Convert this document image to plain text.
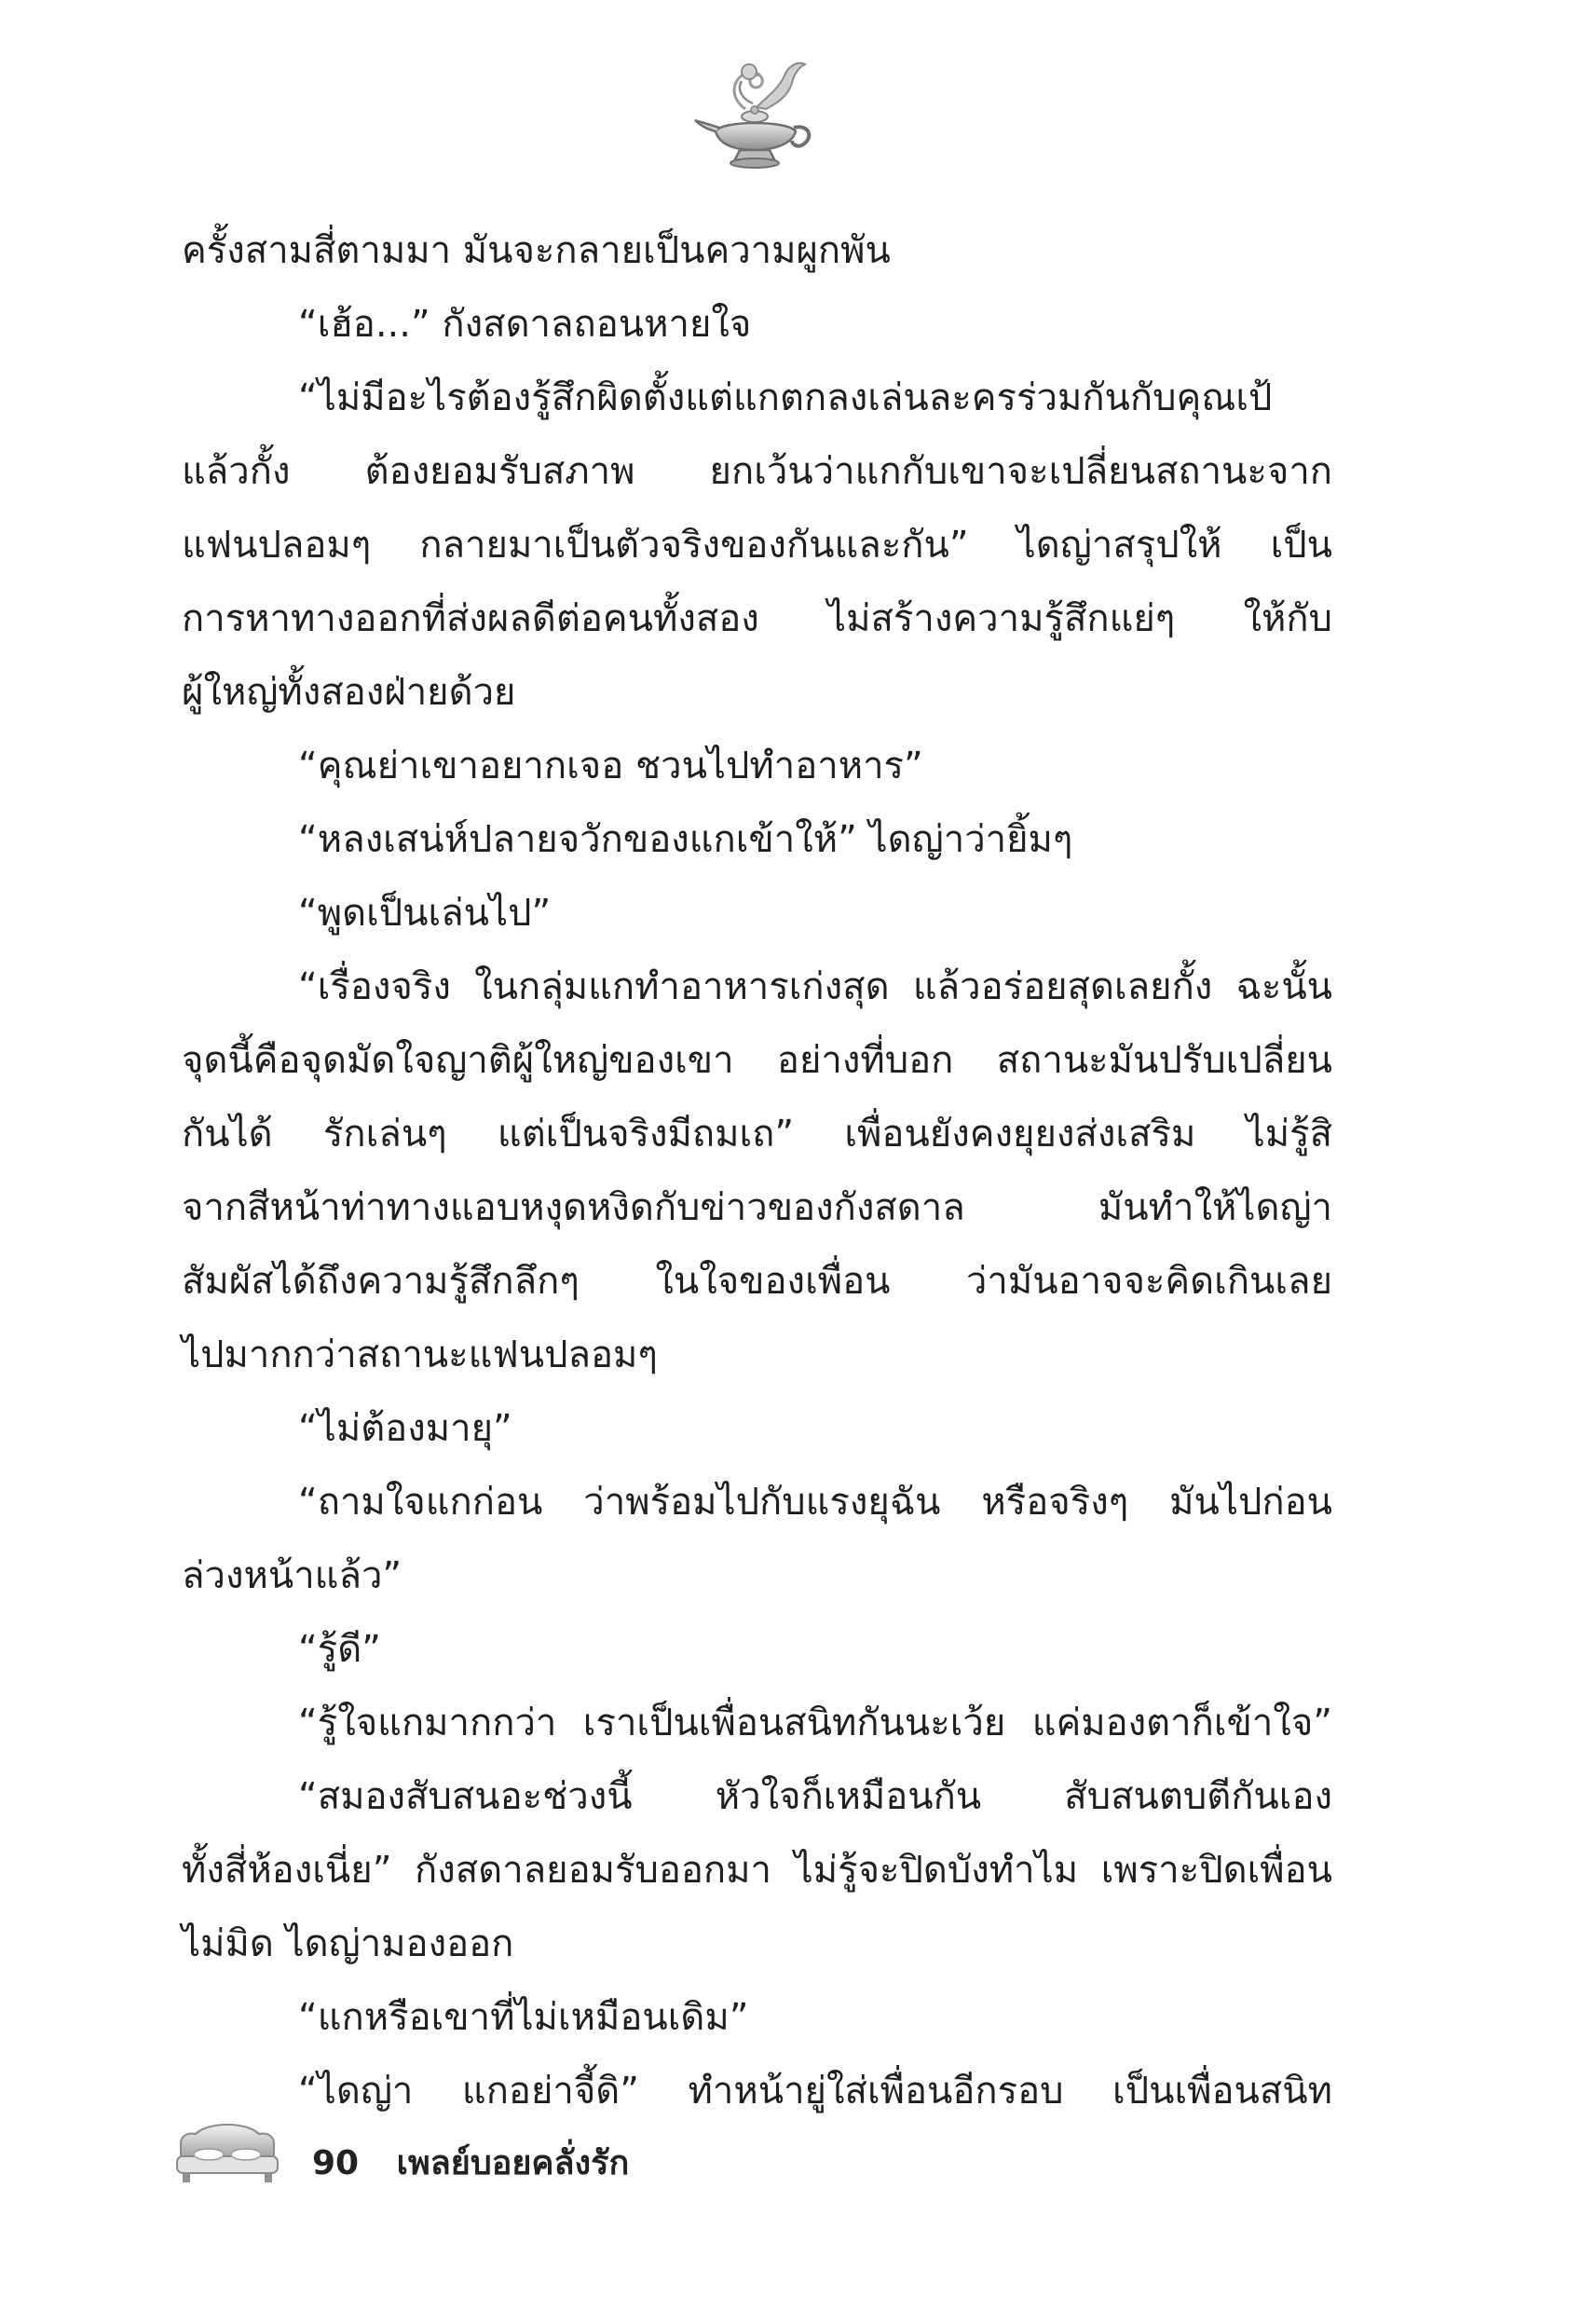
ครั้งสามสี่ตามมา มันจะกลายเป็นความผูกพัน
“เฮ้อ...” กังสดาลถอนหายใจ
“ไม่มีอะไรต้องรู้สึกผิดตั้งแต่แกตกลงเล่นละครร่วมกันกับคุณเป้
แล้วกั้ง ต้องยอมรับสภาพ ยกเว้นว่าแกกับเขาจะเปลี่ยนสถานะจาก
แฟนปลอมๆ กลายมาเป็นตัวจริงของกันและกัน” ไดญ่าสรุปให้ เป็น
การหาทางออกที่ส่งผลดีต่อคนทั้งสอง ไม่สร้างความรู้สึกแย่ๆ ให้กับ
ผู้ใหญ่ทั้งสองฝ่ายด้วย
“คุณย่าเขาอยากเจอ ชวนไปทำอาหาร”
“หลงเสน่ห์ปลายจวักของแกเข้าให้” ไดญ่าว่ายิ้มๆ
“พูดเป็นเล่นไป”
“เรื่องจริง ในกลุ่มแกทำอาหารเก่งสุด แล้วอร่อยสุดเลยกั้ง ฉะนั้น
จุดนี้คือจุดมัดใจญาติผู้ใหญ่ของเขา อย่างที่บอก สถานะมันปรับเปลี่ยน
กันได้ รักเล่นๆ แต่เป็นจริงมีถมเถ” เพื่อนยังคงยุยงส่งเสริม ไม่รู้สิ
จากสีหน้าท่าทางแอบหงุดหงิดกับข่าวของกังสดาล มันทำให้ไดญ่า
สัมผัสได้ถึงความรู้สึกลึกๆ ในใจของเพื่อน ว่ามันอาจจะคิดเกินเลย
ไปมากกว่าสถานะแฟนปลอมๆ
“ไม่ต้องมายุ”
“ถามใจแกก่อน ว่าพร้อมไปกับแรงยุฉัน หรือจริงๆ มันไปก่อน
ล่วงหน้าแล้ว”
“รู้ดี”
“รู้ใจแกมากกว่า เราเป็นเพื่อนสนิทกันนะเว้ย แค่มองตาก็เข้าใจ”
“สมองสับสนอะช่วงนี้ หัวใจก็เหมือนกัน สับสนตบตีกันเอง
ทั้งสี่ห้องเนี่ย” กังสดาลยอมรับออกมา ไม่รู้จะปิดบังทำไม เพราะปิดเพื่อน
ไม่มิด ไดญ่ามองออก
“แกหรือเขาที่ไม่เหมือนเดิม”
“ไดญ่า แกอย่าจี้ดิ” ทำหน้ายู่ใส่เพื่อนอีกรอบ เป็นเพื่อนสนิท
90 เพลย์บอยคลั่งรัก
